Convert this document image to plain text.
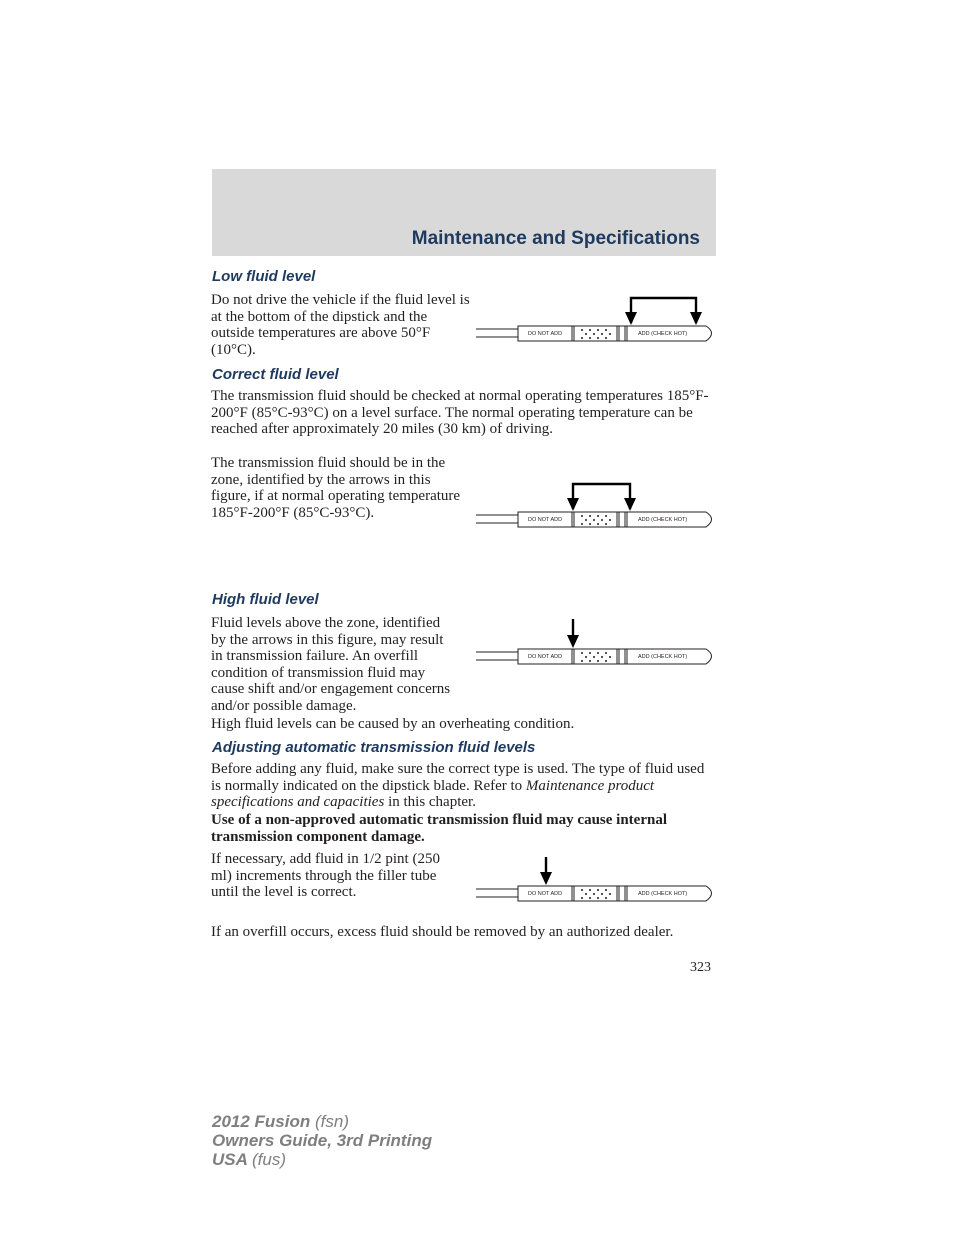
Maintenance and Specifications
Low fluid level
Do not drive the vehicle if the fluid level is at the bottom of the dipstick and the outside temperatures are above 50°F (10°C).
DO NOT ADD	ADD (CHECK HOT)
Correct fluid level
The transmission fluid should be checked at normal operating temperatures 185°F-200°F (85°C-93°C) on a level surface. The normal operating temperature can be reached after approximately 20 miles (30 km) of driving.
The transmission fluid should be in the zone, identified by the arrows in this figure, if at normal operating temperature 185°F-200°F (85°C-93°C).	DO NOT ADD	ADD (CHECK HOT)
High fluid level
Fluid levels above the zone, identified by the arrows in this figure, may result in transmission failure. An overfill condition of transmission fluid may cause shift and/or engagement concerns and/or possible damage.
DO NOT ADD	ADD (CHECK HOT)
High fluid levels can be caused by an overheating condition.
Adjusting automatic transmission fluid levels
Before adding any fluid, make sure the correct type is used. The type of fluid used is normally indicated on the dipstick blade. Refer to Maintenance product specifications and capacities in this chapter.
Use of a non-approved automatic transmission fluid may cause internal transmission component damage.
If necessary, add fluid in 1/2 pint (250 ml) increments through the filler tube until the level is correct.	DO NOT ADD	ADD (CHECK HOT)
If an overfill occurs, excess fluid should be removed by an authorized dealer.
323
2012 Fusion (fsn)
Owners Guide, 3rd Printing
USA (fus)
